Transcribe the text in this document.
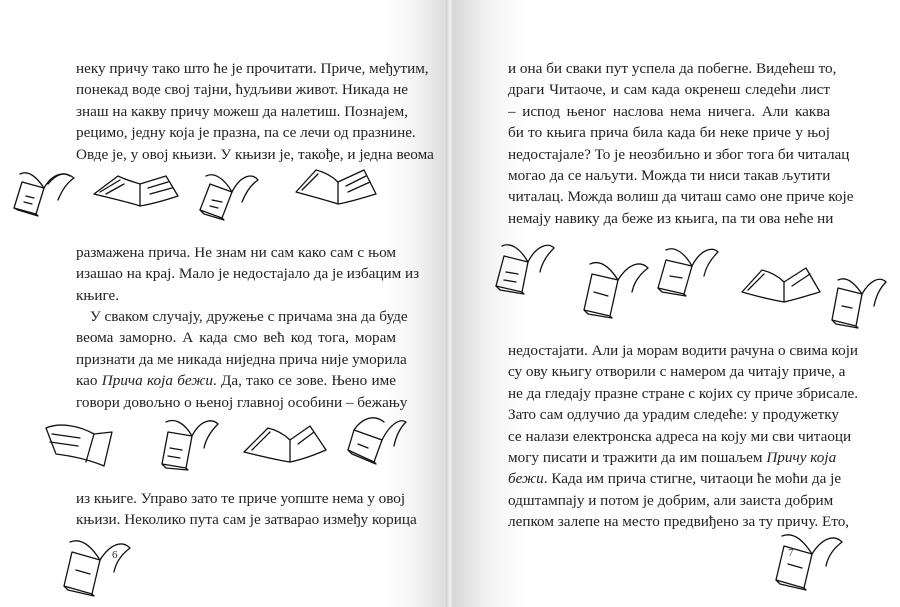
неку причу тако што ће је прочитати. Приче, међутим,
понекад воде свој тајни, ћудљиви живот. Никада не
знаш на какву причу можеш да налетиш. Познајем,
рецимо, једну која је празна, па се лечи од празнине.
Овде је, у овој књизи. У књизи је, такође, и једна веома

размажена прича. Не знам ни сам како сам с њом
изашао на крај. Мало је недостајало да је избацим из
књиге.

У сваком случају, дружење с причама зна да буде
веома заморно. А када смо већ код тога, морам
признати да ме никада ниједна прича није уморила
као Прича која бежи. Да, тако се зове. Њено име
говори довољно о њеној главној особини – бежању

из књиге. Управо зато те приче уопште нема у овој
књизи. Неколико пута сам је затварао између корица

6

и она би сваки пут успела да побегне. Видећеш то,
драги Читаоче, и сам када окренеш следећи лист
– испод њеног наслова нема ничега. Али каква
би то књига прича била када би неке приче у њој
недостајале? То је неозбиљно и због тога би читалац
могао да се наљути. Можда ти ниси такав љутити
читалац. Можда волиш да читаш само оне приче које
немају навику да беже из књига, па ти ова неће ни

недостајати. Али ја морам водити рачуна о свима који
су ову књигу отворили с намером да читају приче, а
не да гледају празне стране с којих су приче збрисале.
Зато сам одлучио да урадим следеће: у продужетку
се налази електронска адреса на коју ми сви читаоци
могу писати и тражити да им пошаљем Причу која
бежи. Када им прича стигне, читаоци ће моћи да је
одштампају и потом је добрим, али заиста добрим
лепком залепе на место предвиђено за ту причу. Ето,

7
